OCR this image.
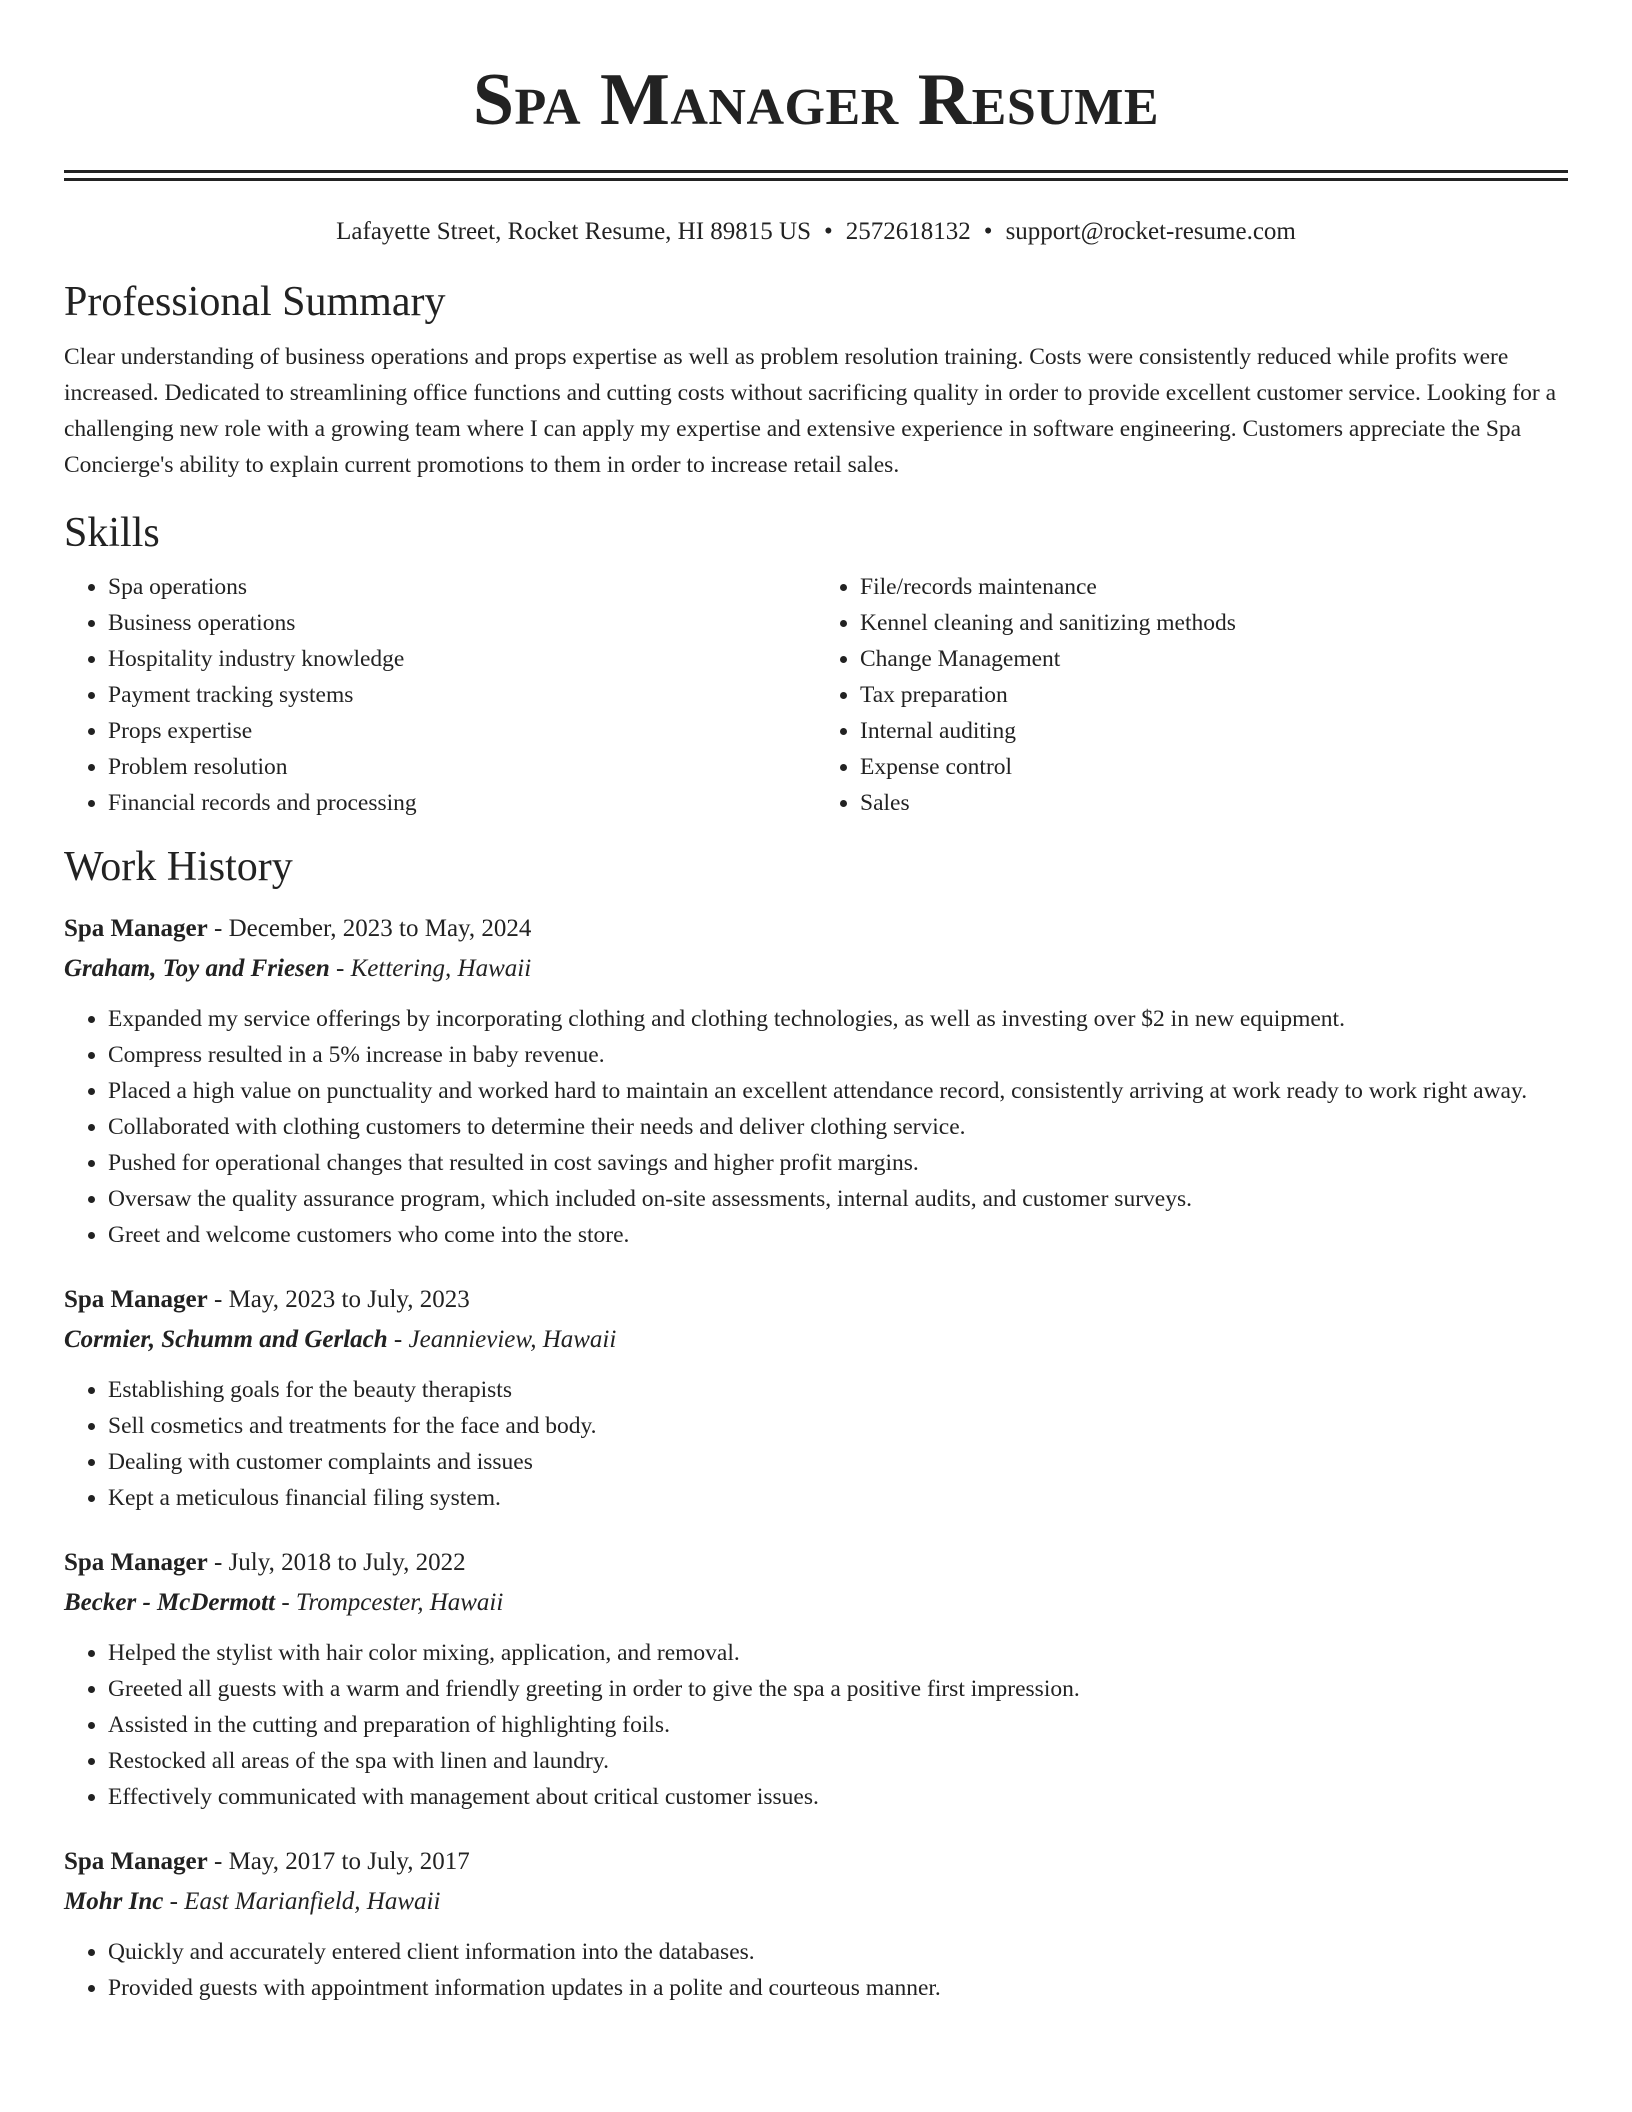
Spa Manager Resume
Lafayette Street, Rocket Resume, HI 89815 US • 2572618132 • support@rocket-resume.com
Professional Summary

Clear understanding of business operations and props expertise as well as problem resolution training. Costs were consistently reduced while profits were increased. Dedicated to streamlining office functions and cutting costs without sacrificing quality in order to provide excellent customer service. Looking for a challenging new role with a growing team where I can apply my expertise and extensive experience in software engineering. Customers appreciate the Spa Concierge's ability to explain current promotions to them in order to increase retail sales.

Skills
• Spa operations
• Business operations
• Hospitality industry knowledge
• Payment tracking systems
• Props expertise
• Problem resolution
• Financial records and processing
• File/records maintenance
• Kennel cleaning and sanitizing methods
• Change Management
• Tax preparation
• Internal auditing
• Expense control
• Sales
Work History
Spa Manager - December, 2023 to May, 2024
Graham, Toy and Friesen - Kettering, Hawaii
• Expanded my service offerings by incorporating clothing and clothing technologies, as well as investing over $2 in new equipment.
• Compress resulted in a 5% increase in baby revenue.
• Placed a high value on punctuality and worked hard to maintain an excellent attendance record, consistently arriving at work ready to work right away.
• Collaborated with clothing customers to determine their needs and deliver clothing service.
• Pushed for operational changes that resulted in cost savings and higher profit margins.
• Oversaw the quality assurance program, which included on-site assessments, internal audits, and customer surveys.
• Greet and welcome customers who come into the store.
Spa Manager - May, 2023 to July, 2023
Cormier, Schumm and Gerlach - Jeannieview, Hawaii
• Establishing goals for the beauty therapists
• Sell cosmetics and treatments for the face and body.
• Dealing with customer complaints and issues
• Kept a meticulous financial filing system.
Spa Manager - July, 2018 to July, 2022
Becker - McDermott - Trompcester, Hawaii
• Helped the stylist with hair color mixing, application, and removal.
• Greeted all guests with a warm and friendly greeting in order to give the spa a positive first impression.
• Assisted in the cutting and preparation of highlighting foils.
• Restocked all areas of the spa with linen and laundry.
• Effectively communicated with management about critical customer issues.
Spa Manager - May, 2017 to July, 2017
Mohr Inc - East Marianfield, Hawaii
• Quickly and accurately entered client information into the databases.
• Provided guests with appointment information updates in a polite and courteous manner.
